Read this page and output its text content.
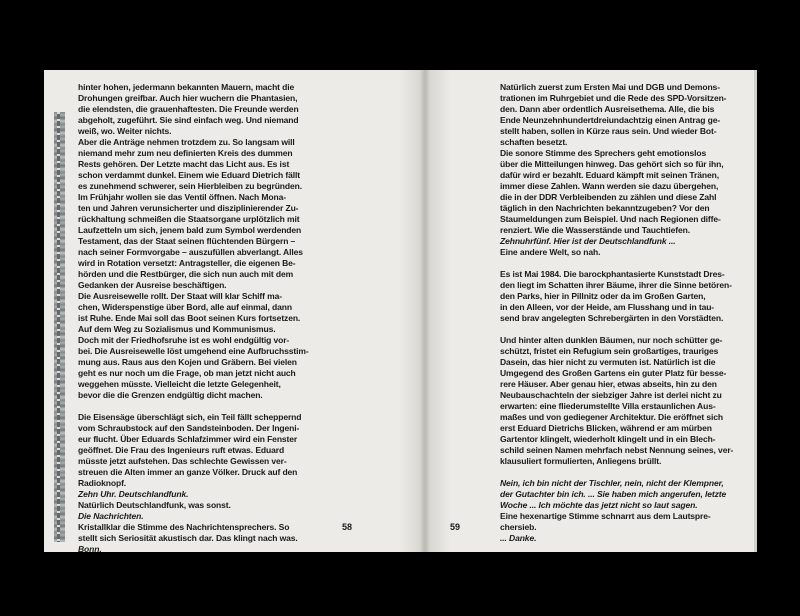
hinter hohen, jedermann bekannten Mauern, macht die
Drohungen greifbar. Auch hier wuchern die Phantasien,
die elendsten, die grauenhaftesten. Die Freunde werden
abgeholt, zugeführt. Sie sind einfach weg. Und niemand
weiß, wo. Weiter nichts.
Aber die Anträge nehmen trotzdem zu. So langsam will
niemand mehr zum neu definierten Kreis des dummen
Rests gehören. Der Letzte macht das Licht aus. Es ist
schon verdammt dunkel. Einem wie Eduard Dietrich fällt
es zunehmend schwerer, sein Hierbleiben zu begründen.
Im Frühjahr wollen sie das Ventil öffnen. Nach Mona-
ten und Jahren verunsicherter und disziplinierender Zu-
rückhaltung schmeißen die Staatsorgane urplötzlich mit
Laufzetteln um sich, jenem bald zum Symbol werdenden
Testament, das der Staat seinen flüchtenden Bürgern –
nach seiner Formvorgabe – auszufüllen abverlangt. Alles
wird in Rotation versetzt: Antragsteller, die eigenen Be-
hörden und die Restbürger, die sich nun auch mit dem
Gedanken der Ausreise beschäftigen.
Die Ausreisewelle rollt. Der Staat will klar Schiff ma-
chen, Widerspenstige über Bord, alle auf einmal, dann
ist Ruhe. Ende Mai soll das Boot seinen Kurs fortsetzen.
Auf dem Weg zu Sozialismus und Kommunismus.
Doch mit der Friedhofsruhe ist es wohl endgültig vor-
bei. Die Ausreisewelle löst umgehend eine Aufbruchsstim-
mung aus. Raus aus den Kojen und Gräbern. Bei vielen
geht es nur noch um die Frage, ob man jetzt nicht auch
weggehen müsste. Vielleicht die letzte Gelegenheit,
bevor die die Grenzen endgültig dicht machen.
Die Eisensäge überschlägt sich, ein Teil fällt scheppernd
vom Schraubstock auf den Sandsteinboden. Der Ingeni-
eur flucht. Über Eduards Schlafzimmer wird ein Fenster
geöffnet. Die Frau des Ingenieurs ruft etwas. Eduard
müsste jetzt aufstehen. Das schlechte Gewissen ver-
streuen die Alten immer an ganze Völker. Druck auf den
Radioknopf.
Zehn Uhr. Deutschlandfunk.
Natürlich Deutschlandfunk, was sonst.
Die Nachrichten.
Kristallklar die Stimme des Nachrichtensprechers. So
stellt sich Seriosität akustisch dar. Das klingt nach was.
Bonn.
58
Natürlich zuerst zum Ersten Mai und DGB und Demons-
trationen im Ruhrgebiet und die Rede des SPD-Vorsitzen-
den. Dann aber ordentlich Ausreisethema. Alle, die bis
Ende Neunzehnhundertdreiundachtzig einen Antrag ge-
stellt haben, sollen in Kürze raus sein. Und wieder Bot-
schaften besetzt.
Die sonore Stimme des Sprechers geht emotionslos
über die Mitteilungen hinweg. Das gehört sich so für ihn,
dafür wird er bezahlt. Eduard kämpft mit seinen Tränen,
immer diese Zahlen. Wann werden sie dazu übergehen,
die in der DDR Verbleibenden zu zählen und diese Zahl
täglich in den Nachrichten bekanntzugeben? Vor den
Staumeldungen zum Beispiel. Und nach Regionen diffe-
renziert. Wie die Wasserstände und Tauchtiefen.
Zehnuhrfünf. Hier ist der Deutschlandfunk ...
Eine andere Welt, so nah.
Es ist Mai 1984. Die barockphantasierte Kunststadt Dres-
den liegt im Schatten ihrer Bäume, ihrer die Sinne betören-
den Parks, hier in Pillnitz oder da im Großen Garten,
in den Alleen, vor der Heide, am Flusshang und in tau-
send brav angelegten Schrebergärten in den Vorstädten.
Und hinter alten dunklen Bäumen, nur noch schütter ge-
schützt, fristet ein Refugium sein großartiges, trauriges
Dasein, das hier nicht zu vermuten ist. Natürlich ist die
Umgegend des Großen Gartens ein guter Platz für besse-
rere Häuser. Aber genau hier, etwas abseits, hin zu den
Neubauschachteln der siebziger Jahre ist derlei nicht zu
erwarten: eine fliederumstellte Villa erstaunlichen Aus-
maßes und von gediegener Architektur. Die eröffnet sich
erst Eduard Dietrichs Blicken, während er am mürben
Gartentor klingelt, wiederholt klingelt und in ein Blech-
schild seinen Namen mehrfach nebst Nennung seines, ver-
klausuliert formulierten, Anliegens brüllt.
Nein, ich bin nicht der Tischler, nein, nicht der Klempner,
der Gutachter bin ich. ... Sie haben mich angerufen, letzte
Woche ... Ich möchte das jetzt nicht so laut sagen.
Eine hexenartige Stimme schnarrt aus dem Lautspre-
chersieb.
... Danke.
59
